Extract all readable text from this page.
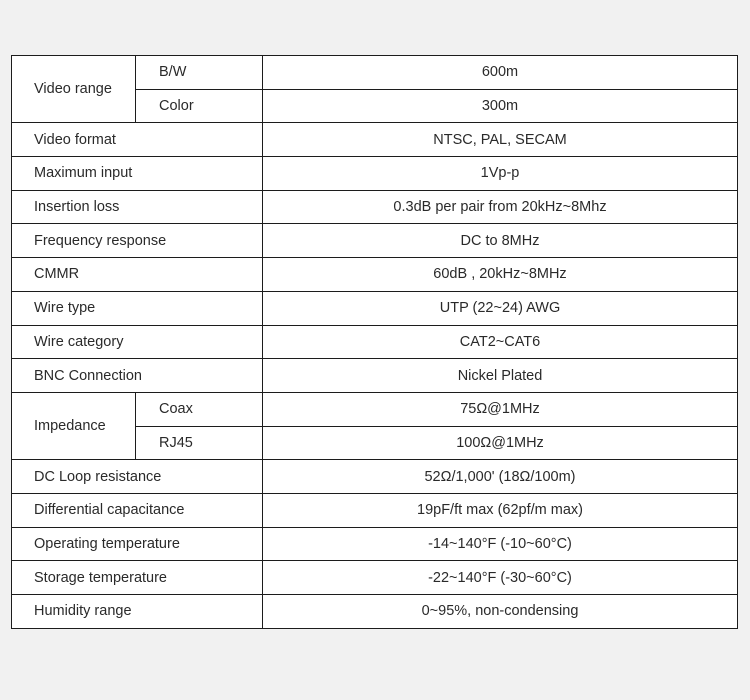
Video range	B/W	600m
	Color	300m
Video format		NTSC, PAL, SECAM
Maximum input		1Vp-p
Insertion loss		0.3dB per pair from 20kHz~8Mhz
Frequency response		DC to 8MHz
CMMR		60dB , 20kHz~8MHz
Wire type		UTP (22~24) AWG
Wire category		CAT2~CAT6
BNC Connection		Nickel Plated
Impedance	Coax	75Ω@1MHz
	RJ45	100Ω@1MHz
DC Loop resistance		52Ω/1,000' (18Ω/100m)
Differential capacitance		19pF/ft max (62pf/m max)
Operating temperature		-14~140°F (-10~60°C)
Storage temperature		-22~140°F (-30~60°C)
Humidity range		0~95%, non-condensing
